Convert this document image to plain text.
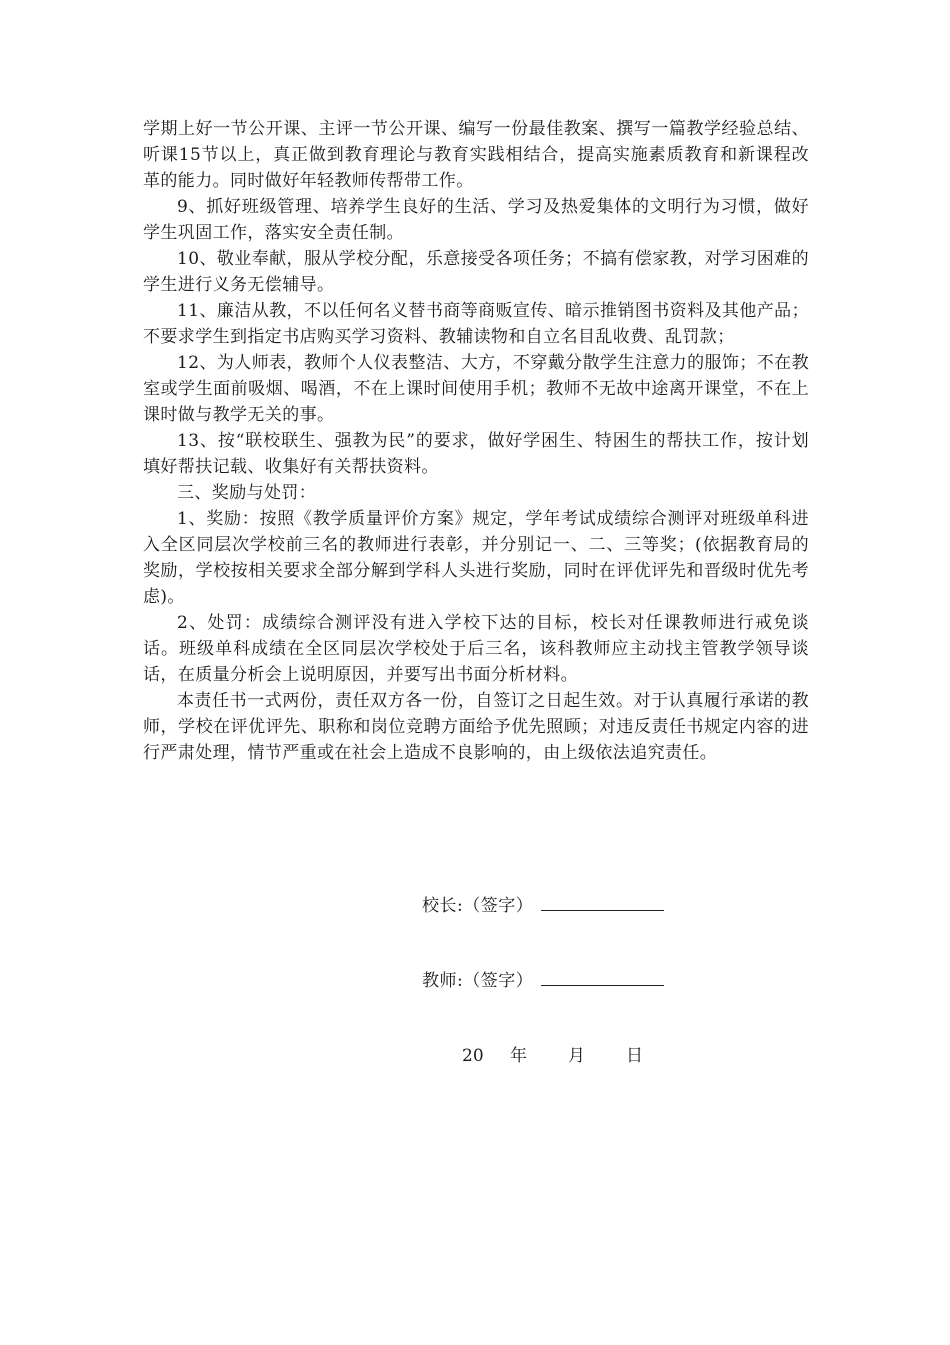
学期上好一节公开课、主评一节公开课、编写一份最佳教案、撰写一篇教学经验总结、听课15节以上，真正做到教育理论与教育实践相结合，提高实施素质教育和新课程改革的能力。同时做好年轻教师传帮带工作。

9、抓好班级管理、培养学生良好的生活、学习及热爱集体的文明行为习惯，做好学生巩固工作，落实安全责任制。

10、敬业奉献，服从学校分配，乐意接受各项任务；不搞有偿家教，对学习困难的学生进行义务无偿辅导。

11、廉洁从教，不以任何名义替书商等商贩宣传、暗示推销图书资料及其他产品；不要求学生到指定书店购买学习资料、教辅读物和自立名目乱收费、乱罚款；

12、为人师表，教师个人仪表整洁、大方，不穿戴分散学生注意力的服饰；不在教室或学生面前吸烟、喝酒，不在上课时间使用手机；教师不无故中途离开课堂，不在上课时做与教学无关的事。

13、按“联校联生、强教为民”的要求，做好学困生、特困生的帮扶工作，按计划填好帮扶记载、收集好有关帮扶资料。

三、奖励与处罚：

1、奖励：按照《教学质量评价方案》规定，学年考试成绩综合测评对班级单科进入全区同层次学校前三名的教师进行表彰，并分别记一、二、三等奖；(依据教育局的奖励，学校按相关要求全部分解到学科人头进行奖励，同时在评优评先和晋级时优先考虑)。

2、处罚：成绩综合测评没有进入学校下达的目标，校长对任课教师进行戒免谈话。班级单科成绩在全区同层次学校处于后三名，该科教师应主动找主管教学领导谈话，在质量分析会上说明原因，并要写出书面分析材料。

本责任书一式两份，责任双方各一份，自签订之日起生效。对于认真履行承诺的教师，学校在评优评先、职称和岗位竞聘方面给予优先照顾；对违反责任书规定内容的进行严肃处理，情节严重或在社会上造成不良影响的，由上级依法追究责任。

校长:（签字）
教师:（签字）
20 年 月 日
